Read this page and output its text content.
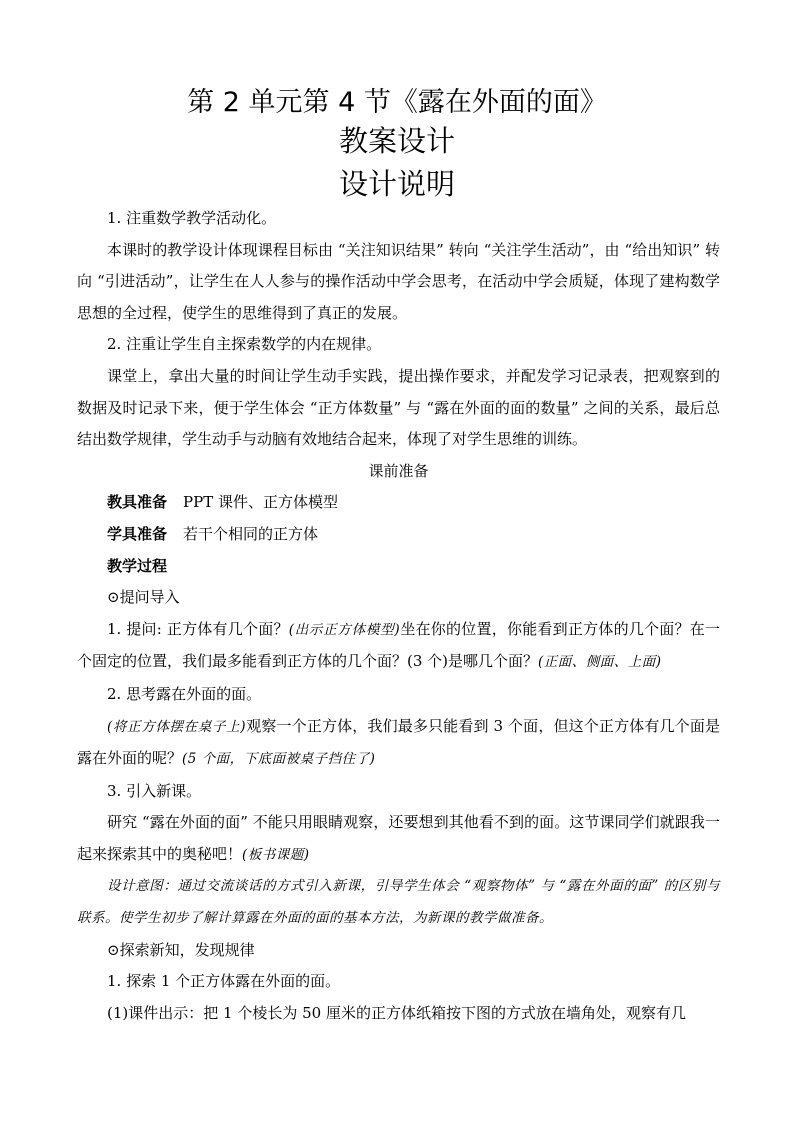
第 2 单元第 4 节《露在外面的面》
教案设计
设计说明

1. 注重数学教学活动化。

本课时的教学设计体现课程目标由 “关注知识结果” 转向 “关注学生活动”，由 “给出知识” 转向 “引进活动”，让学生在人人参与的操作活动中学会思考，在活动中学会质疑，体现了建构数学思想的全过程，使学生的思维得到了真正的发展。

2. 注重让学生自主探索数学的内在规律。

课堂上，拿出大量的时间让学生动手实践，提出操作要求，并配发学习记录表，把观察到的数据及时记录下来，便于学生体会 “正方体数量” 与 “露在外面的面的数量” 之间的关系，最后总结出数学规律，学生动手与动脑有效地结合起来，体现了对学生思维的训练。

课前准备

教具准备 PPT 课件、正方体模型

学具准备 若干个相同的正方体

教学过程

⊙提问导入

1. 提问: 正方体有几个面？(出示正方体模型)坐在你的位置，你能看到正方体的几个面？在一个固定的位置，我们最多能看到正方体的几个面？(3 个)是哪几个面？(正面、侧面、上面)

2. 思考露在外面的面。

(将正方体摆在桌子上)观察一个正方体，我们最多只能看到 3 个面，但这个正方体有几个面是露在外面的呢？(5 个面，下底面被桌子挡住了)

3. 引入新课。

研究 “露在外面的面” 不能只用眼睛观察，还要想到其他看不到的面。这节课同学们就跟我一起来探索其中的奥秘吧！(板书课题)

设计意图：通过交流谈话的方式引入新课，引导学生体会 “观察物体” 与 “露在外面的面” 的区别与联系。使学生初步了解计算露在外面的面的基本方法，为新课的教学做准备。

⊙探索新知，发现规律

1. 探索 1 个正方体露在外面的面。

(1)课件出示：把 1 个棱长为 50 厘米的正方体纸箱按下图的方式放在墙角处，观察有几
